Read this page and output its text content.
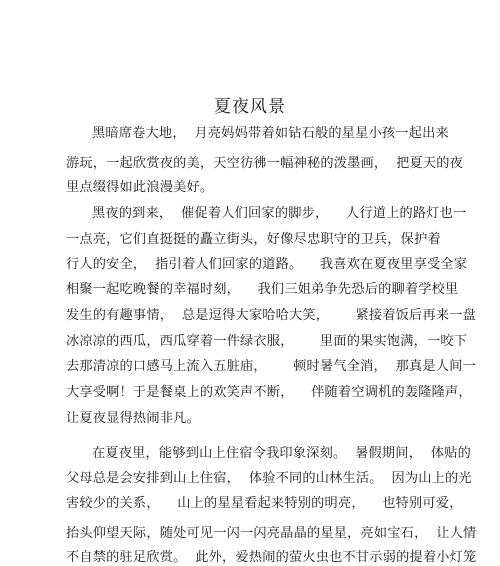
夏夜风景
黑暗席卷大地，  月亮妈妈带着如钻石般的星星小孩一起出来
游玩，一起欣赏夜的美，天空彷彿一幅神秘的泼墨画，  把夏天的夜
里点缀得如此浪漫美好。
黑夜的到来，  催促着人们回家的脚步，    人行道上的路灯也一
一点亮，它们直挺挺的矗立街头，好像尽忠职守的卫兵，保护着
行人的安全，  指引着人们回家的道路。    我喜欢在夏夜里享受全家
相聚一起吃晚餐的幸福时刻，    我们三姐弟争先恐后的聊着学校里
发生的有趣事情，  总是逗得大家哈哈大笑，      紧接着饭后再来一盘
冰凉凉的西瓜，西瓜穿着一件绿衣服，      里面的果实饱满，一咬下
去那清凉的口感马上流入五脏庙，      顿时暑气全消，  那真是人间一
大享受啊！于是餐桌上的欢笑声不断，    伴随着空调机的轰隆隆声，
让夏夜显得热闹非凡。
在夏夜里，能够到山上住宿令我印象深刻。  暑假期间，  体贴的
父母总是会安排到山上住宿，  体验不同的山林生活。  因为山上的光
害较少的关系，    山上的星星看起来特别的明亮，    也特别可爱，
抬头仰望天际，随处可见一闪一闪亮晶晶的星星，亮如宝石，  让人情
不自禁的驻足欣赏。  此外，爱热闹的萤火虫也不甘示弱的提着小灯笼
